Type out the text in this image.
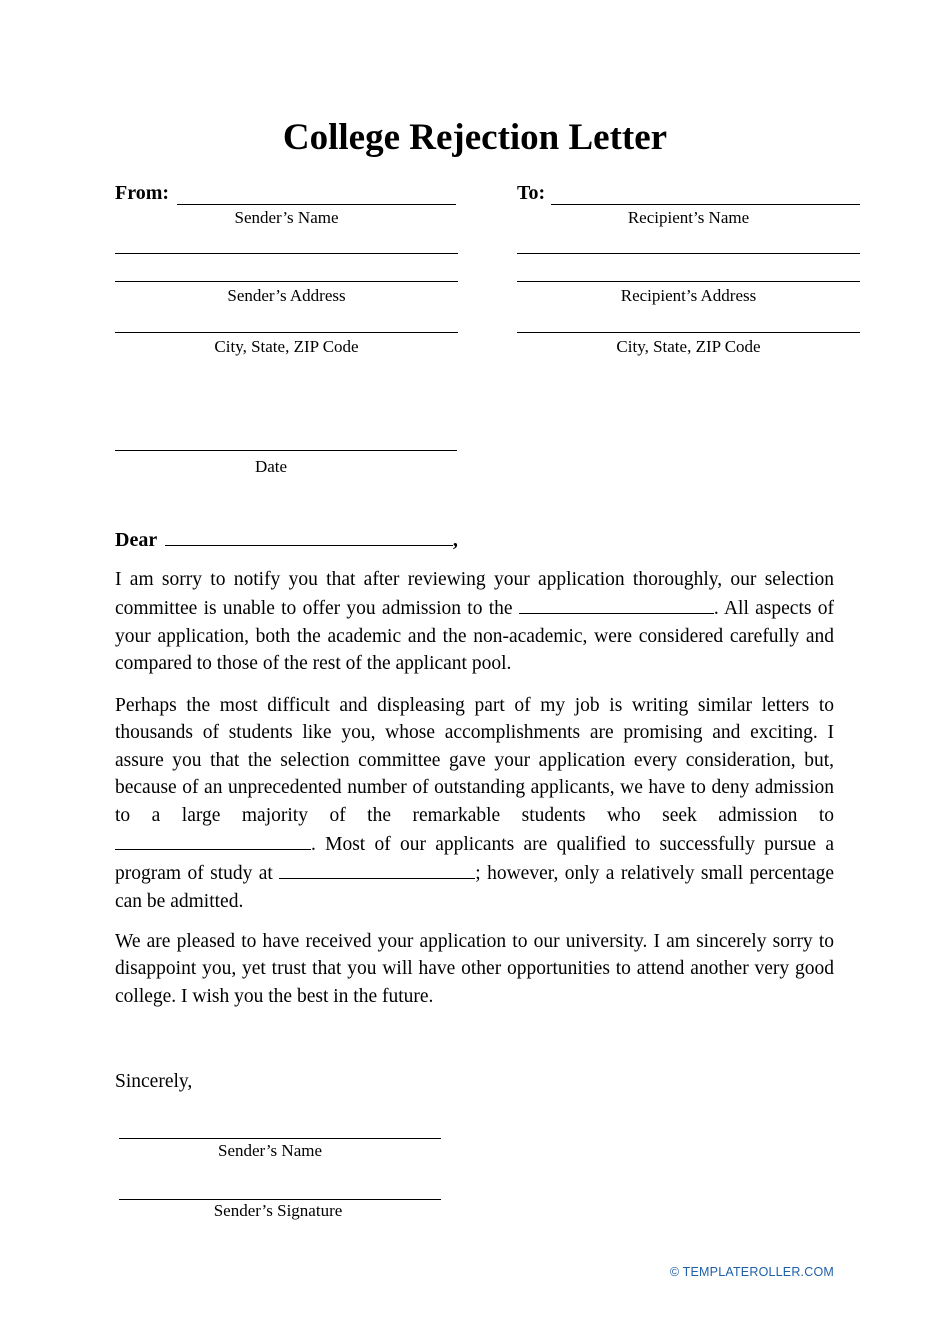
College Rejection Letter
From:
Sender’s Name
Sender’s Address
City, State, ZIP Code
To:
Recipient’s Name
Recipient’s Address
City, State, ZIP Code
Date
Dear	,
I am sorry to notify you that after reviewing your application thoroughly, our selection committee is unable to offer you admission to the	. All aspects of your application, both the academic and the non-academic, were considered carefully and compared to those of the rest of the applicant pool.
Perhaps the most difficult and displeasing part of my job is writing similar letters to thousands of students like you, whose accomplishments are promising and exciting. I assure you that the selection committee gave your application every consideration, but, because of an unprecedented number of outstanding applicants, we have to deny admission to a large majority of the remarkable students who seek admission to . Most of our applicants are qualified to successfully pursue a program of study at	; however, only a relatively small percentage can be admitted.
We are pleased to have received your application to our university. I am sincerely sorry to disappoint you, yet trust that you will have other opportunities to attend another very good college. I wish you the best in the future.
Sincerely,
Sender’s Name
Sender’s Signature
© TEMPLATEROLLER.COM
